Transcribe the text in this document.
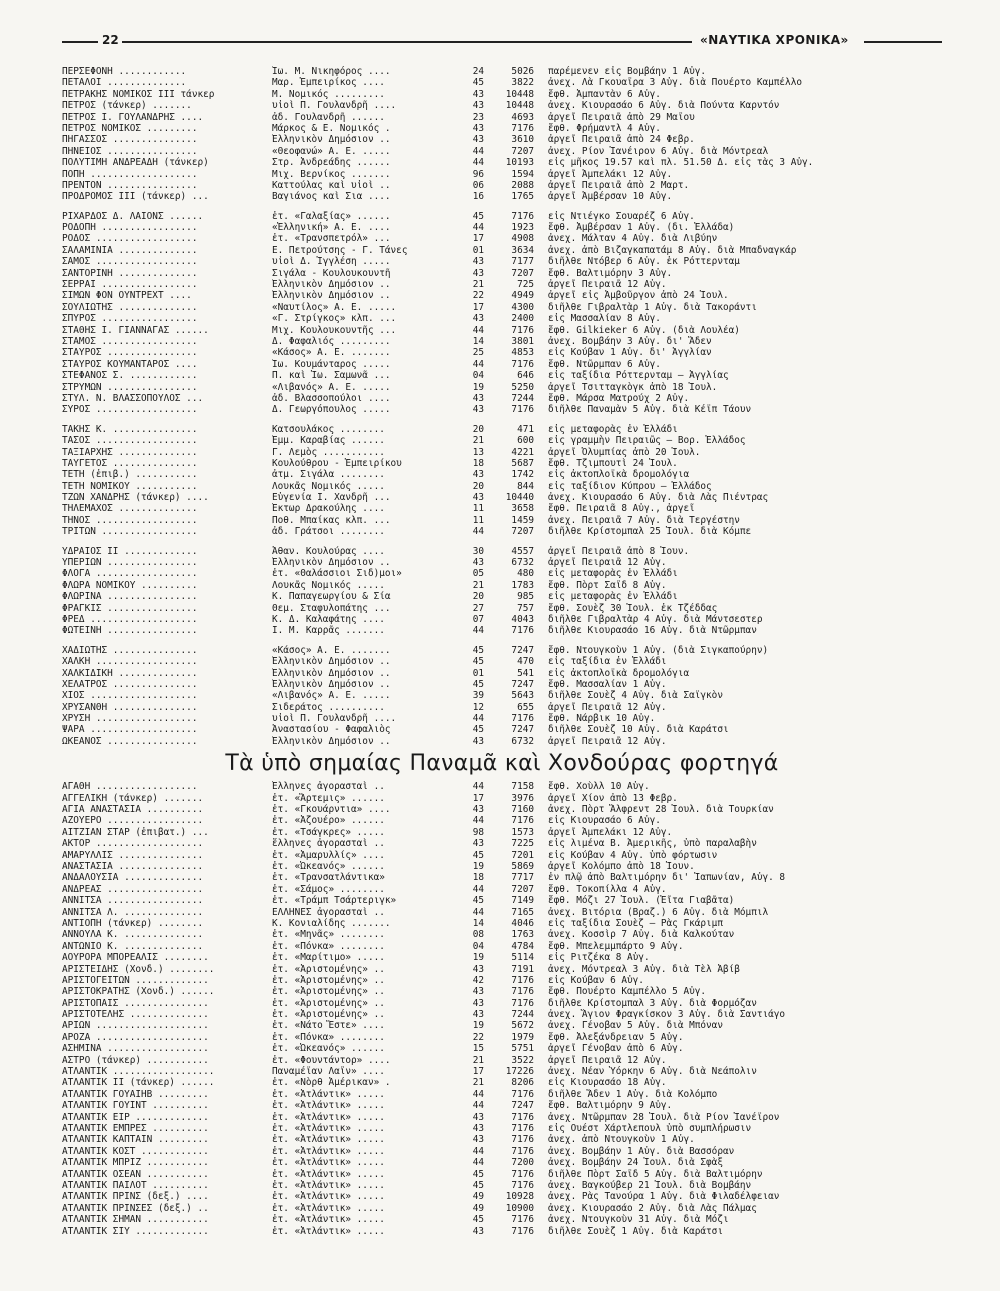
22	«ΝΑΥΤΙΚΑ ΧΡΟΝΙΚΑ»
ΠΕΡΣΕΦΟΝΗ ............	Ἰω. Μ. Νικηφόρος ....	24	5026	παρέμενεν εἰς Βομβάην 1 Αὐγ.
ΠΕΤΑΛΟΙ ..............	Μαρ. Ἐμπειρίκος ....	45	3822	ἀνεχ. Λὰ Γκουαΐρα 3 Αὐγ. διὰ Πουέρτο Καμπέλλο
ΠΕΤΡΑΚΗΣ ΝΟΜΙΚΟΣ III τάνκερ	Μ. Νομικός .........	43	10448	ἔφθ. Ἀμπαντὰν 6 Αὐγ.
ΠΕΤΡΟΣ (τάνκερ) .......	υἱοὶ Π. Γουλανδρῆ ....	43	10448	ἀνεχ. Κιουρασάο 6 Αὐγ. διὰ Πούντα Καρντόν
ΠΕΤΡΟΣ Ι. ΓΟΥΛΑΝΔΡΗΣ ....	ἀδ. Γουλανδρῆ ......	23	4693	ἀργεῖ Πειραιᾶ ἀπὸ 29 Μαΐου
ΠΕΤΡΟΣ ΝΟΜΙΚΟΣ .........	Μάρκος & Ε. Νομικός .	43	7176	ἔφθ. Φρήμαντλ 4 Αὐγ.
ΠΗΓΑΣΣΟΣ ...............	Ἑλληνικὸν Δημόσιον ..	43	3610	ἀργεῖ Πειραιᾶ ἀπὸ 24 Φεβρ.
ΠΗΝΕΙΟΣ ................	«Θεοφανώ» Α. Ε. .....	44	7207	ἀνεχ. Ρίον Ἰανέιρον 6 Αὐγ. διὰ Μόντρεαλ
ΠΟΛΥΤΙΜΗ ΑΝΔΡΕΑΔΗ (τάνκερ)	Στρ. Ἀνδρεάδης ......	44	10193	εἰς μῆκος 19.57 καὶ πλ. 51.50 Δ. εἰς τὰς 3 Αὐγ.
ΠΟΠΗ ...................	Μιχ. Βερνίκος .......	96	1594	ἀργεῖ Ἀμπελάκι 12 Αὐγ.
ΠΡΕΝΤΟΝ ................	Καττούλας καὶ υἱοὶ ..	06	2088	ἀργεῖ Πειραιᾶ ἀπὸ 2 Μαρτ.
ΠΡΟΔΡΟΜΟΣ III (τάνκερ) ...	Βαγιάνος καὶ Σια ....	16	1765	ἀργεῖ Ἀμβέρσαν 10 Αὐγ.
ΡΙΧΑΡΔΟΣ Δ. ΛΑΙΟΝΣ ......	ἐτ. «Γαλαξίας» ......	45	7176	εἰς Ντιέγκο Σουαρέζ 6 Αὐγ.
ΡΟΔΟΠΗ .................	«Ἑλληνική» Α. Ε. ....	44	1923	ἔφθ. Ἀμβέρσαν 1 Αὐγ. (δι. Ἑλλάδα)
ΡΟΔΟΣ ..................	ἐτ. «Τρανσπετρόλ» ...	17	4908	ἀνεχ. Μάλταν 4 Αὐγ. διὰ Λιβύην
ΣΑΛΑΜΙΝΙΑ ..............	Ε. Πετρούτσης - Γ. Τάνες	01	3634	ἀνεχ. ἀπὸ Βιζαγκαπατάμ 8 Αὐγ. διὰ Μπαδναγκάρ
ΣΑΜΟΣ ..................	υἱοὶ Δ. Ἰγγλέση .....	43	7177	διῆλθε Ντόβερ 6 Αὐγ. ἐκ Ρόττερνταμ
ΣΑΝΤΟΡΙΝΗ ..............	Σιγάλα - Κουλουκουντῆ	43	7207	ἔφθ. Βαλτιμόρην 3 Αὐγ.
ΣΕΡΡΑΙ .................	Ἑλληνικὸν Δημόσιον ..	21	725	ἀργεῖ Πειραιᾶ 12 Αὐγ.
ΣΙΜΩΝ ΦΟΝ ΟΥΝΤΡΕΧΤ ....	Ἑλληνικὸν Δημόσιον ..	22	4949	ἀργεῖ εἰς Ἀμβοῦργον ἀπὸ 24 Ἰουλ.
ΣΟΥΛΙΩΤΗΣ ..............	«Ναυτίλος» Α. Ε. .....	17	4300	διῆλθε Γιβραλτὰρ 1 Αὐγ. διὰ Τακοράντι
ΣΠΥΡΟΣ .................	«Γ. Στρίγκος» κλπ. ...	43	2400	εἰς Μασσαλίαν 8 Αὐγ.
ΣΤΑΘΗΣ Ι. ΓΙΑΝΝΑΓΑΣ ......	Μιχ. Κουλουκουντῆς ...	44	7176	ἔφθ. Gilkieker 6 Αὐγ. (διὰ Λουλέα)
ΣΤΑΜΟΣ .................	Δ. Φαφαλιός .........	14	3801	ἀνεχ. Βομβάην 3 Αὐγ. δι' Ἄδεν
ΣΤΑΥΡΟΣ ................	«Κάσος» Α. Ε. .......	25	4853	εἰς Κούβαν 1 Αὐγ. δι' Ἀγγλίαν
ΣΤΑΥΡΟΣ ΚΟΥΜΑΝΤΑΡΟΣ ....	Ἰω. Κουμάνταρος .....	44	7176	ἔφθ. Ντῶρμπαν 6 Αὐγ.
ΣΤΕΦΑΝΟΣ Σ. ............	Π. καὶ Ἰω. Σαμωνᾶ ...	04	646	εἰς ταξίδια Ρόττερνταμ — Ἀγγλίας
ΣΤΡΥΜΩΝ ................	«Λιβανός» Α. Ε. .....	19	5250	ἀργεῖ Τσιτταγκὸγκ ἀπὸ 18 Ἰουλ.
ΣΤΥΛ. Ν. ΒΛΑΣΣΟΠΟΥΛΟΣ ...	ἀδ. Βλασσοπούλοι ....	43	7244	ἔφθ. Μάρσα Ματρούχ 2 Αὐγ.
ΣΥΡΟΣ ..................	Δ. Γεωργόπουλος .....	43	7176	διῆλθε Παναμὰν 5 Αὐγ. διὰ Κέϊπ Τάουν
ΤΑΚΗΣ Κ. ...............	Κατσουλάκος ........	20	471	εἰς μεταφορὰς ἐν Ἑλλάδι
ΤΑΣΟΣ ..................	Ἐμμ. Καραβίας ......	21	600	εἰς γραμμὴν Πειραιῶς — Βορ. Ἑλλάδος
ΤΑΞΙΑΡΧΗΣ ..............	Γ. Λεμὸς ...........	13	4221	ἀργεῖ Ὀλυμπίας ἀπὸ 20 Ἰουλ.
ΤΑΫΓΕΤΟΣ ...............	Κουλούθρου - Ἐμπειρίκου	18	5687	ἔφθ. Τζιμπουτὶ 24 Ἰουλ.
ΤΕΤΗ (ἐπιβ.) ...........	ἀτμ. Σιγάλα ........	43	1742	εἰς ἀκτοπλοϊκὰ δρομολόγια
ΤΕΤΗ ΝΟΜΙΚΟΥ ...........	Λουκᾶς Νομικός .....	20	844	εἰς ταξίδιον Κύπρου — Ἑλλάδος
ΤΖΩΝ ΧΑΝΔΡΗΣ (τάνκερ) ....	Εὐγενία Ι. Χανδρῆ ...	43	10440	ἀνεχ. Κιουρασάο 6 Αὐγ. διὰ Λὰς Πιέντρας
ΤΗΛΕΜΑΧΟΣ ..............	Ἕκτωρ Δρακούλης ....	11	3658	ἔφθ. Πειραιᾶ 8 Αὐγ., ἀργεῖ
ΤΗΝΟΣ ..................	Ποθ. Μπαίκας κλπ. ...	11	1459	ἀνεχ. Πειραιᾶ 7 Αὐγ. διὰ Τεργέστην
ΤΡΙΤΩΝ .................	ἀδ. Γράτσοι ........	44	7207	διῆλθε Κρίστομπαλ 25 Ἰουλ. διὰ Κόμπε
ΥΔΡΑΙΟΣ II .............	Ἀθαν. Κουλούρας ....	30	4557	ἀργεῖ Πειραιᾶ ἀπὸ 8 Ἰουν.
ΥΠΕΡΙΩΝ ................	Ἑλληνικὸν Δημόσιον ..	43	6732	ἀργεῖ Πειραιᾶ 12 Αὐγ.
ΦΛΟΓΑ ..................	ἐτ. «Θαλάσσιοι Σιδ)μοι»	05	480	εἰς μεταφορὰς ἐν Ἑλλάδι
ΦΛΩΡΑ ΝΟΜΙΚΟΥ ..........	Λουκᾶς Νομικός .....	21	1783	ἔφθ. Πὸρτ Σαΐδ 8 Αὐγ.
ΦΛΩΡΙΝΑ ................	Κ. Παπαγεωργίου & Σία	20	985	εἰς μεταφορὰς ἐν Ἑλλάδι
ΦΡΑΓΚΙΣ ................	Θεμ. Σταφυλοπάτης ...	27	757	ἔφθ. Σουὲζ 30 Ἰουλ. ἐκ Τζέδδας
ΦΡΕΔ ...................	Κ. Δ. Καλαφάτης ....	07	4043	διῆλθε Γιβραλτὰρ 4 Αὐγ. διὰ Μάντσεστερ
ΦΩΤΕΙΝΗ ................	Ι. Μ. Καρρᾶς .......	44	7176	διῆλθε Κιουρασάο 16 Αὐγ. διὰ Ντῶρμπαν
ΧΑΔΙΩΤΗΣ ...............	«Κάσος» Α. Ε. .......	45	7247	ἔφθ. Ντουγκοὺν 1 Αὐγ. (διὰ Σιγκαπούρην)
ΧΑΛΚΗ ..................	Ἑλληνικὸν Δημόσιον ..	45	470	εἰς ταξίδια ἐν Ἑλλάδι
ΧΑΛΚΙΔΙΚΗ ..............	Ἑλληνικὸν Δημόσιον ..	01	541	εἰς ἀκτοπλοϊκὰ δρομολόγια
ΧΕΛΑΤΡΟΣ ...............	Ἑλληνικὸν Δημόσιον ..	45	7247	ἔφθ. Μασσαλίαν 1 Αὐγ.
ΧΙΟΣ ...................	«Λιβανός» Α. Ε. .....	39	5643	διῆλθε Σουὲζ 4 Αὐγ. διὰ Σαϊγκὸν
ΧΡΥΣΑΝΘΗ ...............	Σιδεράτος ..........	12	655	ἀργεῖ Πειραιᾶ 12 Αὐγ.
ΧΡΥΣΗ ..................	υἱοὶ Π. Γουλανδρῆ ....	44	7176	ἔφθ. Νάρβικ 10 Αὐγ.
ΨΑΡΑ ...................	Ἀναστασίου - Φαφαλιὸς	45	7247	διῆλθε Σουὲζ 10 Αὐγ. διὰ Καράτσι
ΩΚΕΑΝΟΣ ................	Ἑλληνικὸν Δημόσιον ..	43	6732	ἀργεῖ Πειραιᾶ 12 Αὐγ.
Τὰ ὑπὸ σημαίας Παναμᾶ καὶ Χονδούρας φορτηγά
ΑΓΑΘΗ ..................	Ἕλληνες ἀγορασταὶ ..	44	7158	ἔφθ. Χοὺλλ 10 Αὐγ.
ΑΓΓΕΛΙΚΗ (τάνκερ) .......	ἐτ. «Ἄρτεμις» ......	17	3976	ἀργεῖ Χίον ἀπὸ 13 Φεβρ.
ΑΓΙΑ ΑΝΑΣΤΑΣΙΑ ..........	ἐτ. «Γκουάρντια» ....	43	7160	ἀνεχ. Πὸρτ Ἄλφρεντ 28 Ἰουλ. διὰ Τουρκίαν
ΑΖΟΥΕΡΟ .................	ἐτ. «Ἀζουέρο» ......	44	7176	εἰς Κιουρασάο 6 Αὐγ.
ΑΪΤΖΙΑΝ ΣΤΑΡ (ἐπιβατ.) ...	ἐτ. «Τσάγκρες» .....	98	1573	ἀργεῖ Ἀμπελάκι 12 Αὐγ.
ΑΚΤΟΡ ...................	ἕλληνες ἀγορασταὶ ..	43	7225	εἰς λιμένα Β. Ἀμερικῆς, ὑπὸ παραλαβὴν
ΑΜΑΡΥΛΛΙΣ ...............	ἐτ. «Ἀμαρυλλίς» ....	45	7201	εἰς Κούβαν 4 Αὐγ. ὑπὸ φόρτωσιν
ΑΝΑΣΤΑΣΙΑ ...............	ἐτ. «Ὠκεανός» ......	19	5869	ἀργεῖ Κολόμπο ἀπὸ 18 Ἰουν.
ΑΝΔΑΛΟΥΣΙΑ ..............	ἐτ. «Τρανσατλάντικα»	18	7717	ἐν πλῷ ἀπὸ Βαλτιμόρην δι' Ἰαπωνίαν, Αὐγ. 8
ΑΝΔΡΕΑΣ .................	ἐτ. «Σάμος» ........	44	7207	ἔφθ. Τοκοπίλλα 4 Αὐγ.
ΑΝΝΙΤΣΑ .................	ἐτ. «Τράμπ Τσάρτεριγκ»	45	7149	ἔφθ. Μόζι 27 Ἰουλ. (Ἐῖτα Γιαβᾶτα)
ΑΝΝΙΤΣΑ Λ. ..............	ΕΛΛΗΝΕΣ ἀγορασταὶ ..	44	7165	ἀνεχ. Βιτόρια (Βραζ.) 6 Αὐγ. διὰ Μόμπιλ
ΑΝΤΙΟΠΗ (τάνκερ) ........	Κ. Κονιαλίδης .......	14	4046	εἰς ταξίδια Σουὲζ — Ρὰς Γκάριμπ
ΑΝΝΟΥΛΑ Κ. ..............	ἐτ. «Μηνᾶς» ........	08	1763	ἀνεχ. Κοσσὶρ 7 Αὐγ. διὰ Καλκούταν
ΑΝΤΩΝΙΟ Κ. ..............	ἐτ. «Πόνκα» ........	04	4784	ἔφθ. Μπελεμμπάρτο 9 Αὐγ.
ΑΟΥΡΟΡΑ ΜΠΟΡΕΑΛΙΣ ........	ἐτ. «Μαρίτιμο» .....	19	5114	εἰς Ριτζέκα 8 Αὐγ.
ΑΡΙΣΤΕΙΔΗΣ (Χονδ.) ........	ἐτ. «Ἀριστομένης» ..	43	7191	ἀνεχ. Μόντρεαλ 3 Αὐγ. διὰ Τὲλ Ἀβίβ
ΑΡΙΣΤΟΓΕΙΤΩΝ .............	ἐτ. «Ἀριστομένης» ..	42	7176	εἰς Κούβαν 6 Αὐγ.
ΑΡΙΣΤΟΚΡΑΤΗΣ (Χονδ.) ......	ἐτ. «Ἀριστομένης» ..	43	7176	ἔφθ. Πουέρτο Καμπέλλο 5 Αὐγ.
ΑΡΙΣΤΟΠΑΙΣ ...............	ἐτ. «Ἀριστομένης» ..	43	7176	διῆλθε Κρίστομπαλ 3 Αὐγ. διὰ Φορμόζαν
ΑΡΙΣΤΟΤΕΛΗΣ ..............	ἐτ. «Ἀριστομένης» ..	43	7244	ἀνεχ. Ἅγιον Φραγκίσκον 3 Αὐγ. διὰ Σαντιάγο
ΑΡΙΩΝ ....................	ἐτ. «Νάτο Ἔστε» ....	19	5672	ἀνεχ. Γένοβαν 5 Αὐγ. διὰ Μπόναν
ΑΡΟΖΑ ....................	ἐτ. «Πόνκα» ........	22	1979	ἔφθ. Ἀλεξάνδρειαν 5 Αὐγ.
ΑΣΗΜΙΝΑ ..................	ἐτ. «Ὠκεανός» ......	15	5751	ἀργεῖ Γένοβαν ἀπὸ 6 Αὐγ.
ΑΣΤΡΟ (τάνκερ) ...........	ἐτ. «Φουντάντορ» ....	21	3522	ἀργεῖ Πειραιᾶ 12 Αὐγ.
ΑΤΛΑΝΤΙΚ ..................	Παναμέϊαν Λαΐν» ....	17	17226	ἀνεχ. Νέαν Ὑόρκην 6 Αὐγ. διὰ Νεάπολιν
ΑΤΛΑΝΤΙΚ II (τάνκερ) ......	ἐτ. «Νὸρθ Ἀμέρικαν» .	21	8206	εἰς Κιουρασάο 18 Αὐγ.
ΑΤΛΑΝΤΙΚ ΓΟΥΑΙΗΒ .........	ἐτ. «Ἀτλάντικ» .....	44	7176	διῆλθε Ἄδεν 1 Αὐγ. διὰ Κολόμπο
ΑΤΛΑΝΤΙΚ ΓΟΥΙΝΤ ..........	ἐτ. «Ἀτλάντικ» .....	44	7247	ἔφθ. Βαλτιμόρην 9 Αὐγ.
ΑΤΛΑΝΤΙΚ ΕΙΡ .............	ἐτ. «Ἀτλάντικ» .....	43	7176	ἀνεχ. Ντῶρμπαν 28 Ἰουλ. διὰ Ρίον Ἰανέϊρον
ΑΤΛΑΝΤΙΚ ΕΜΠΡΕΣ ..........	ἐτ. «Ἀτλάντικ» .....	43	7176	εἰς Ουέστ Χάρτλεπουλ ὑπὸ συμπλήρωσιν
ΑΤΛΑΝΤΙΚ ΚΑΠΤΑΙΝ .........	ἐτ. «Ἀτλάντικ» .....	43	7176	ἀνεχ. ἀπὸ Ντουγκοὺν 1 Αὐγ.
ΑΤΛΑΝΤΙΚ ΚΟΣΤ ............	ἐτ. «Ἀτλάντικ» .....	44	7176	ἀνεχ. Βομβάην 1 Αὐγ. διὰ Βασσόραν
ΑΤΛΑΝΤΙΚ ΜΠΡΙΖ ...........	ἐτ. «Ἀτλάντικ» .....	44	7200	ἀνεχ. Βομβάην 24 Ἰουλ. διὰ Σφὰξ
ΑΤΛΑΝΤΙΚ ΟΣΕΑΝ ...........	ἐτ. «Ἀτλάντικ» .....	45	7176	διῆλθε Πὸρτ Σαΐδ 5 Αὐγ. διὰ Βαλτιμόρην
ΑΤΛΑΝΤΙΚ ΠΑΪΛΟΤ ..........	ἐτ. «Ἀτλάντικ» .....	45	7176	ἀνεχ. Βαγκούβερ 21 Ἰουλ. διὰ Βομβάην
ΑΤΛΑΝΤΙΚ ΠΡΙΝΣ (δεξ.) ....	ἐτ. «Ἀτλάντικ» .....	49	10928	ἀνεχ. Ρὰς Τανούρα 1 Αὐγ. διὰ Φιλαδέλφειαν
ΑΤΛΑΝΤΙΚ ΠΡΙΝΣΕΣ (δεξ.) ..	ἐτ. «Ἀτλάντικ» .....	49	10900	ἀνεχ. Κιουρασάο 2 Αὐγ. διὰ Λὰς Πάλμας
ΑΤΛΑΝΤΙΚ ΣΗΜΑΝ ...........	ἐτ. «Ἀτλάντικ» .....	45	7176	ἀνεχ. Ντουγκοὺν 31 Αὐγ. διὰ Μόζι
ΑΤΛΑΝΤΙΚ ΣΙΥ .............	ἐτ. «Ἀτλάντικ» .....	43	7176	διῆλθε Σουὲζ 1 Αὐγ. διὰ Καράτσι
